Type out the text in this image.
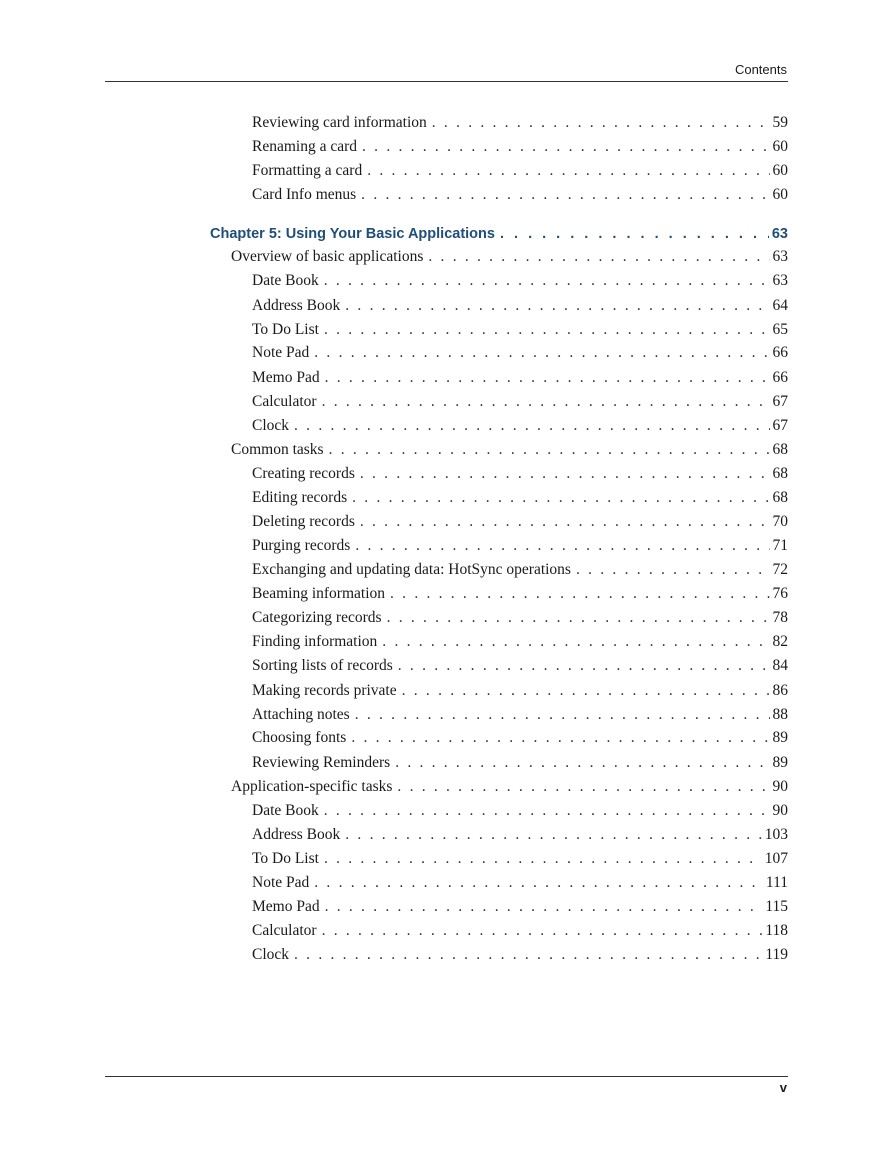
Contents
Reviewing card information . . .	59
Renaming a card . . .	60
Formatting a card . . .	60
Card Info menus . . .	60
Chapter 5: Using Your Basic Applications . . .	63
Overview of basic applications . . .	63
Date Book . . .	63
Address Book . . .	64
To Do List . . .	65
Note Pad . . .	66
Memo Pad . . .	66
Calculator . . .	67
Clock . . .	67
Common tasks . . .	68
Creating records . . .	68
Editing records . . .	68
Deleting records . . .	70
Purging records . . .	71
Exchanging and updating data: HotSync operations . . .	72
Beaming information . . .	76
Categorizing records . . .	78
Finding information . . .	82
Sorting lists of records . . .	84
Making records private . . .	86
Attaching notes . . .	88
Choosing fonts . . .	89
Reviewing Reminders . . .	89
Application-specific tasks . . .	90
Date Book . . .	90
Address Book . . .	103
To Do List . . .	107
Note Pad . . .	111
Memo Pad . . .	115
Calculator . . .	118
Clock . . .	119
v
